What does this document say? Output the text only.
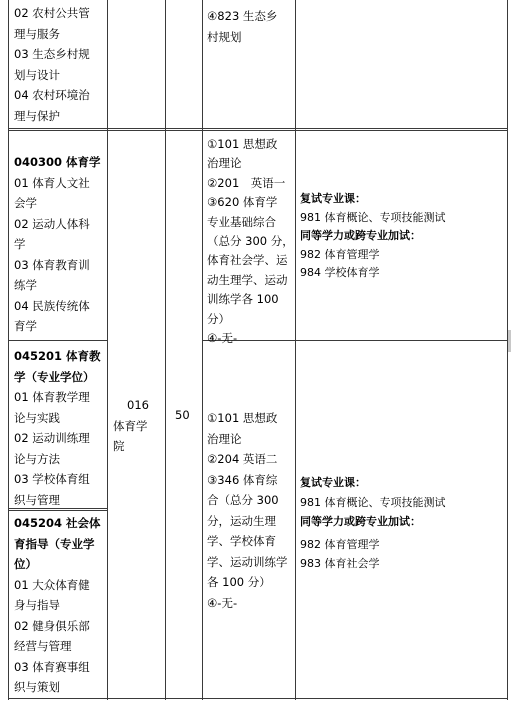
02 农村公共管

理与服务

03 生态乡村规

划与设计

04 农村环境治

理与保护

④823 生态乡

村规划

040300 体育学

01 体育人文社

会学

02 运动人体科

学

03 体育教育训

练学

04 民族传统体

育学

①101 思想政

治理论

②201　英语一

③620 体育学

专业基础综合

（总分 300 分，

体育社会学、运

动生理学、运动

训练学各 100

分）

④-无-

复试专业课：

981 体育概论、专项技能测试

同等学力或跨专业加试：

982 体育管理学

984 学校体育学

045201 体育教

学（专业学位）

01 体育教学理

论与实践

02 运动训练理

论与方法

03 学校体育组

织与管理

045204 社会体

育指导（专业学

位）

01 大众体育健

身与指导

02 健身俱乐部

经营与管理

03 体育赛事组

织与策划

016

体育学

院

50 ①101 思想政

治理论

②204 英语二

③346 体育综

合（总分 300

分，运动生理

学、学校体育

学、运动训练学

各 100 分）

④-无-

复试专业课：

981 体育概论、专项技能测试

同等学力或跨专业加试：

982 体育管理学

983 体育社会学
